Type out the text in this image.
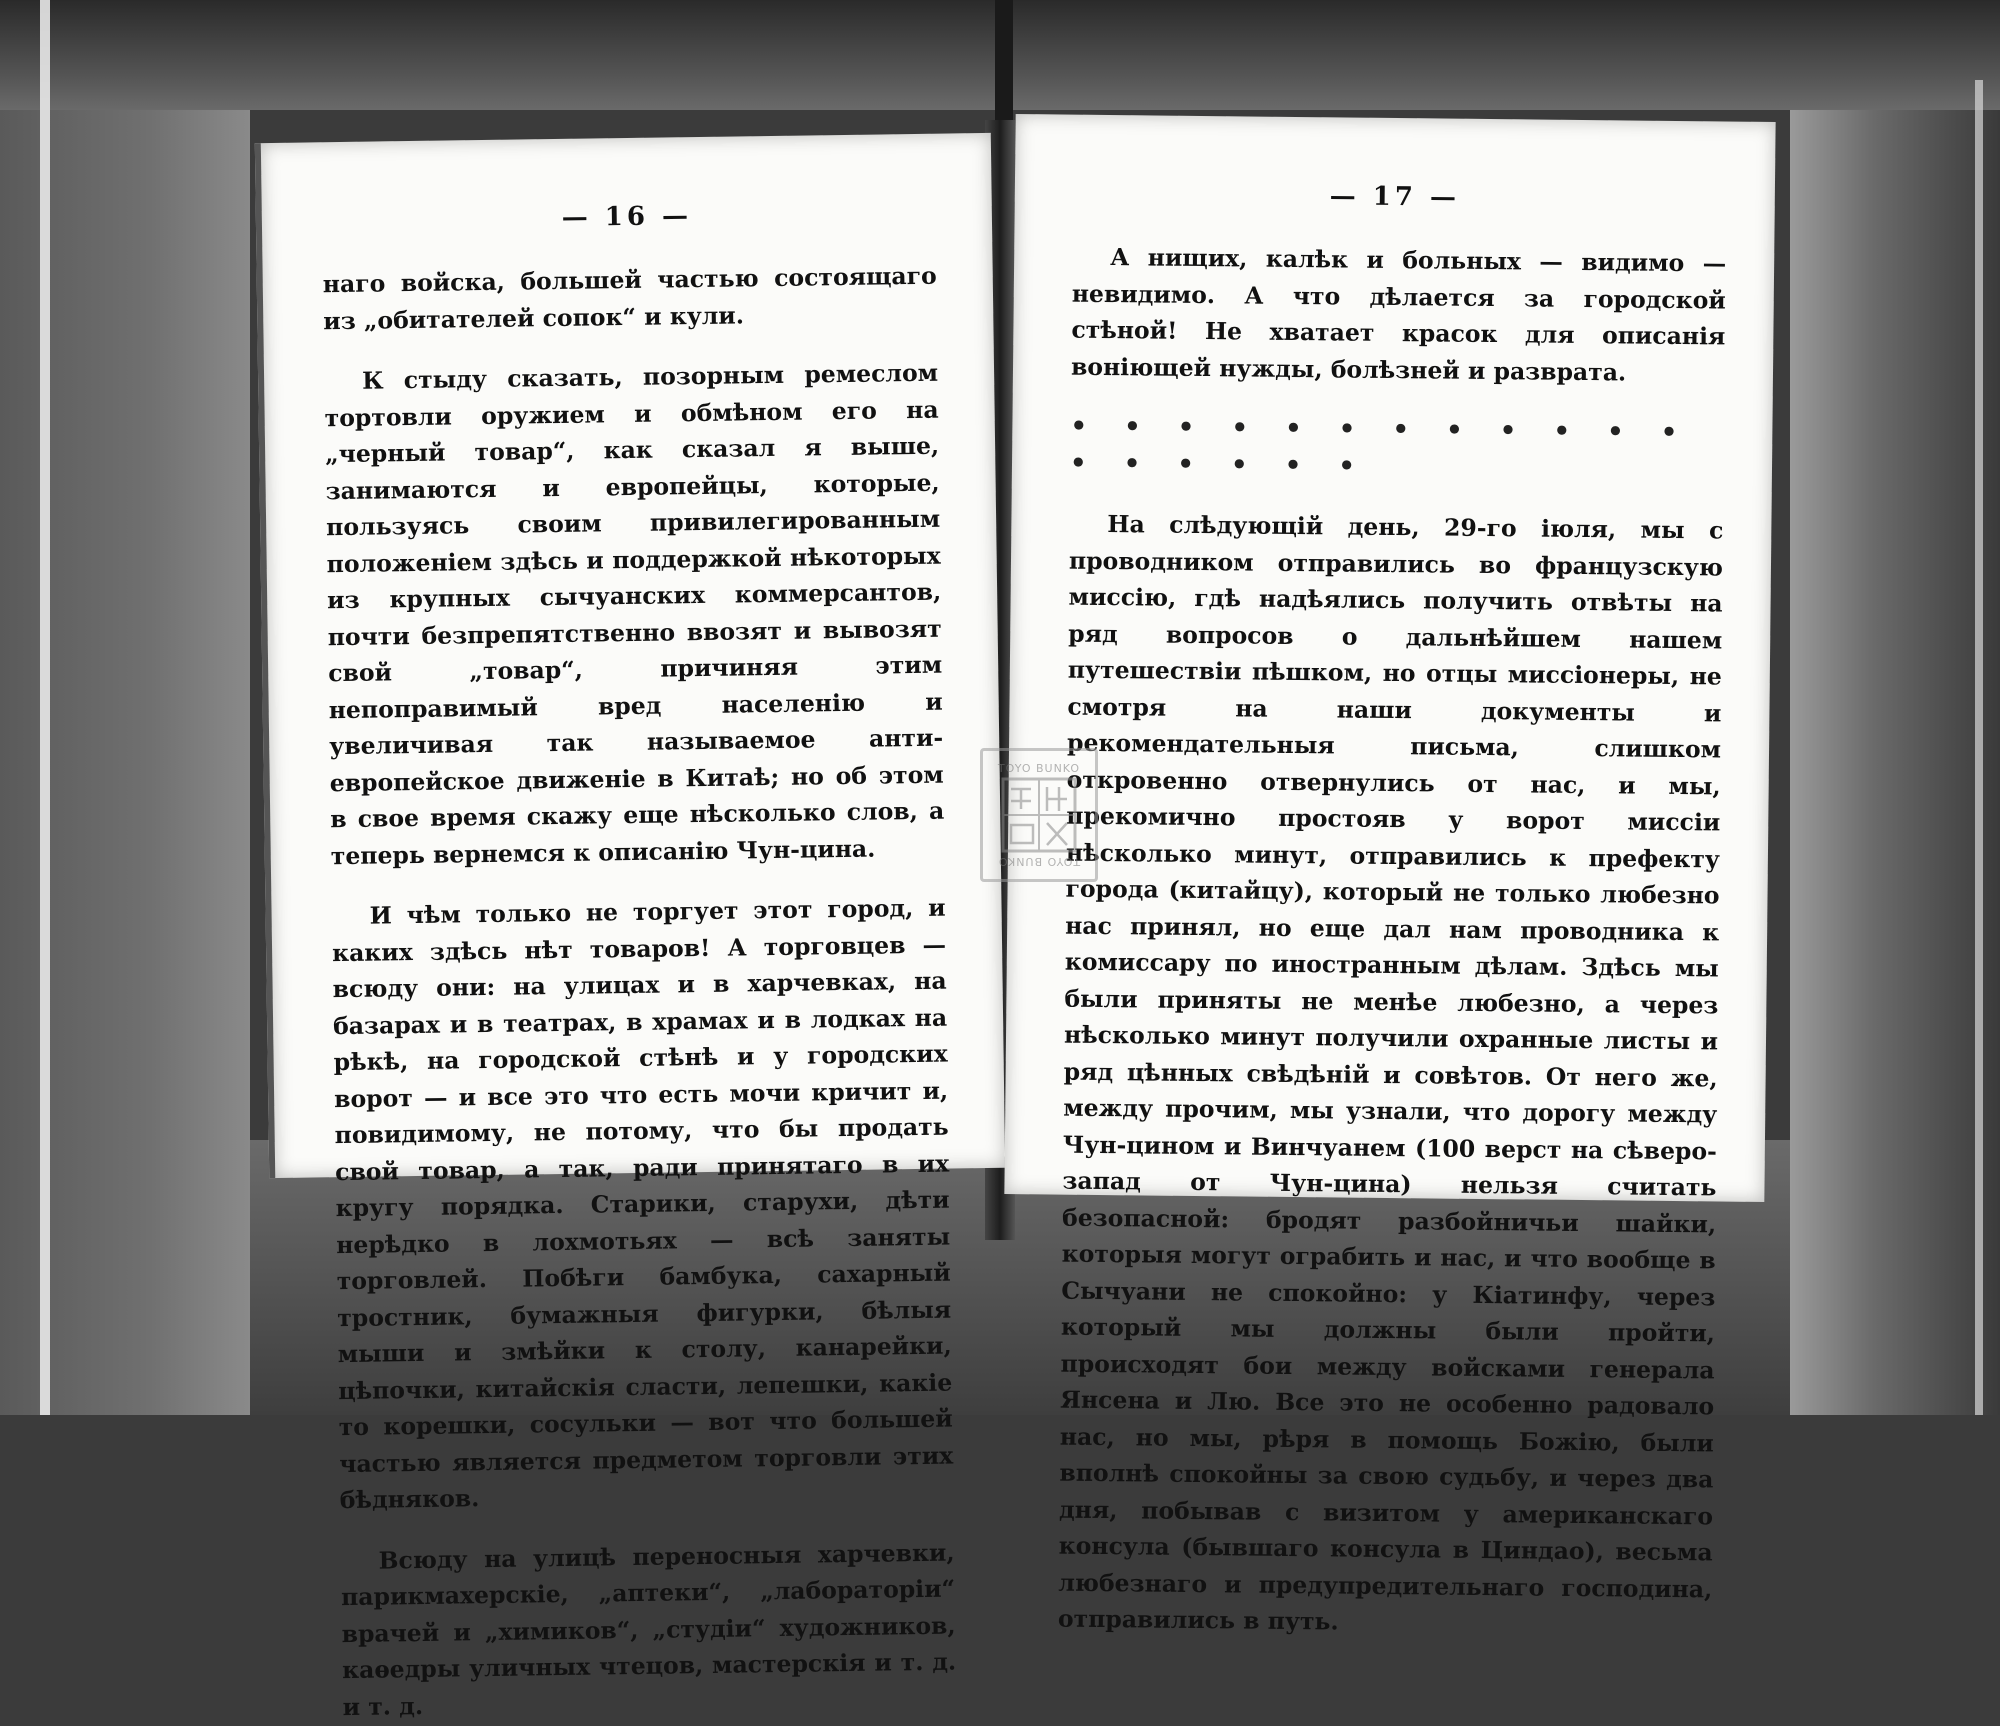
— 16 —

наго войска, большей частью состоящаго из „обитателей сопок“ и кули.

К стыду сказать, позорным ремеслом тортовли оружием и обмѣном его на „черный товар“, как сказал я выше, занимаются и европейцы, которые, пользуясь своим привилегированным положенiем здѣсь и поддержкой нѣкоторых из крупных сычуанских коммерсантов, почти безпрепятственно ввозят и вывозят свой „товар“, причиняя этим непоправимый вред населенiю и увеличивая так называемое анти-европейское движенiе в Китаѣ; но об этом в свое время скажу еще нѣсколько слов, а теперь вернемся к описанiю Чун-цина.

И чѣм только не торгует этот город, и каких здѣсь нѣт товаров! А торговцев — всюду они: на улицах и в харчевках, на базарах и в театрах, в храмах и в лодках на рѣкѣ, на городской стѣнѣ и у городских ворот — и все это что есть мочи кричит и, повидимому, не потому, что бы продать свой товар, а так, ради принятаго в их кругу порядка. Старики, старухи, дѣти нерѣдко в лохмотьях — всѣ заняты торговлей. Побѣги бамбука, сахарный тростник, бумажныя фигурки, бѣлыя мыши и змѣйки к столу, канарейки, цѣпочки, китайскiя сласти, лепешки, какiе то корешки, сосульки — вот что большей частью является предметом торговли этих бѣдняков.

Всюду на улицѣ переносныя харчевки, парикмахерскiе, „аптеки“, „лабораторiи“ врачей и „химиков“, „студiи“ художников, каѳедры уличных чтецов, мастерскiя и т. д. и т. д.

— 17 —

А нищих, калѣк и больных — видимо — невидимо. А что дѣлается за городской стѣной! Не хватает красок для описанiя вонiющей нужды, болѣзней и разврата.

• • • • • • • • • • • • • • • • • •

На слѣдующiй день, 29-го iюля, мы с проводником отправились во французскую миссiю, гдѣ надѣялись получить отвѣты на ряд вопросов о дальнѣйшем нашем путешествiи пѣшком, но отцы миссiонеры, не смотря на наши документы и рекомендательныя письма, слишком откровенно отвернулись от нас, и мы, прекомично простояв у ворот миссiи нѣсколько минут, отправились к префекту города (китайцу), который не только любезно нас принял, но еще дал нам проводника к комиссару по иностранным дѣлам. Здѣсь мы были приняты не менѣе любезно, а через нѣсколько минут получили охранные листы и ряд цѣнных свѣдѣнiй и совѣтов. От него же, между прочим, мы узнали, что дорогу между Чун-цином и Винчуанем (100 верст на сѣверо-запад от Чун-цина) нельзя считать безопасной: бродят разбойничьи шайки, которыя могут ограбить и нас, и что вообще в Сычуани не спокойно: у Кiатинфу, через который мы должны были пройти, происходят бои между войсками генерала Янсена и Лю. Все это не особенно радовало нас, но мы, рѣря в помощь Божiю, были вполнѣ спокойны за свою судьбу, и через два дня, побывав с визитом у американскаго консула (бывшаго консула в Циндао), весьма любезнаго и предупредительнаго господина, отправились в путь.

TOYO BUNKO
TOYO BUNKO
